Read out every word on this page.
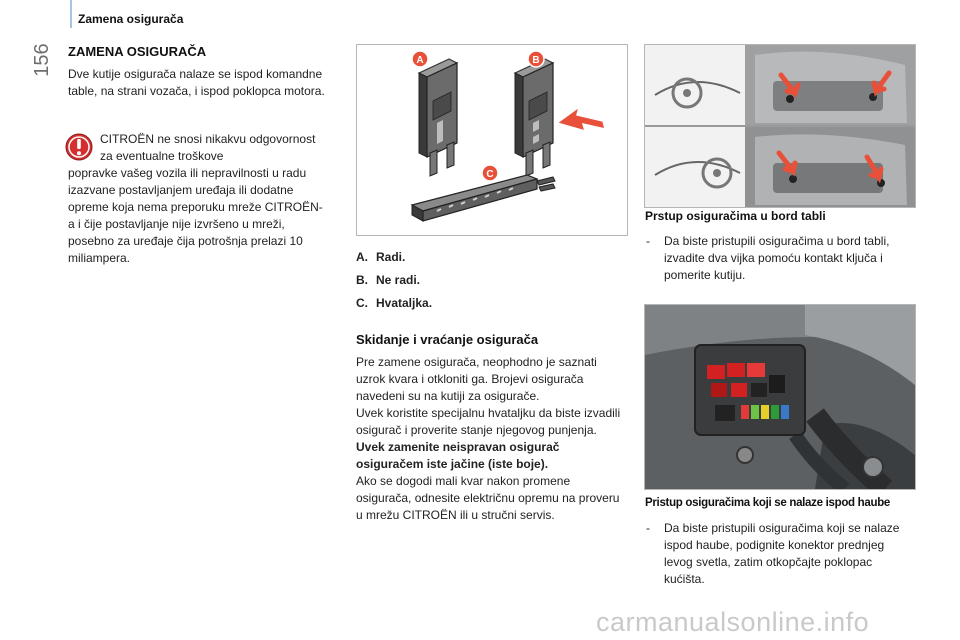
Zamena osigurača
156 ZAMENA OSIGURAČA
Dve kutije osigurača nalaze se ispod komandne table, na strani vozača, i ispod poklopca motora.
CITROËN ne snosi nikakvu odgovornost za eventualne troškove
popravke vašeg vozila ili nepravilnosti u radu izazvane postavljanjem uređaja ili dodatne opreme koja nema preporuku mreže CITROËN-a i čije postavljanje nije izvršeno u mreži, posebno za uređaje čija potrošnja prelazi 10 miliampera.
A	B
C
A. Radi.
B. Ne radi.
C. Hvataljka.
Skidanje i vraćanje osigurača
Pre zamene osigurača, neophodno je saznati uzrok kvara i otkloniti ga. Brojevi osigurača navedeni su na kutiji za osigurače.
Uvek koristite specijalnu hvataljku da biste izvadili osigurač i proverite stanje njegovog punjenja.
Uvek zamenite neispravan osigurač osiguračem iste jačine (iste boje).
Ako se dogodi mali kvar nakon promene osigurača, odnesite električnu opremu na proveru u mrežu CITROËN ili u stručni servis.
Prstup osiguračima u bord tabli
-	Da biste pristupili osiguračima u bord tabli, izvadite dva vijka pomoću kontakt ključa i pomerite kutiju.
Pristup osiguračima koji se nalaze ispod haube
-	Da biste pristupili osiguračima koji se nalaze ispod haube, podignite konektor prednjeg levog svetla, zatim otkopčajte poklopac kućišta.
carmanualsonline.info
